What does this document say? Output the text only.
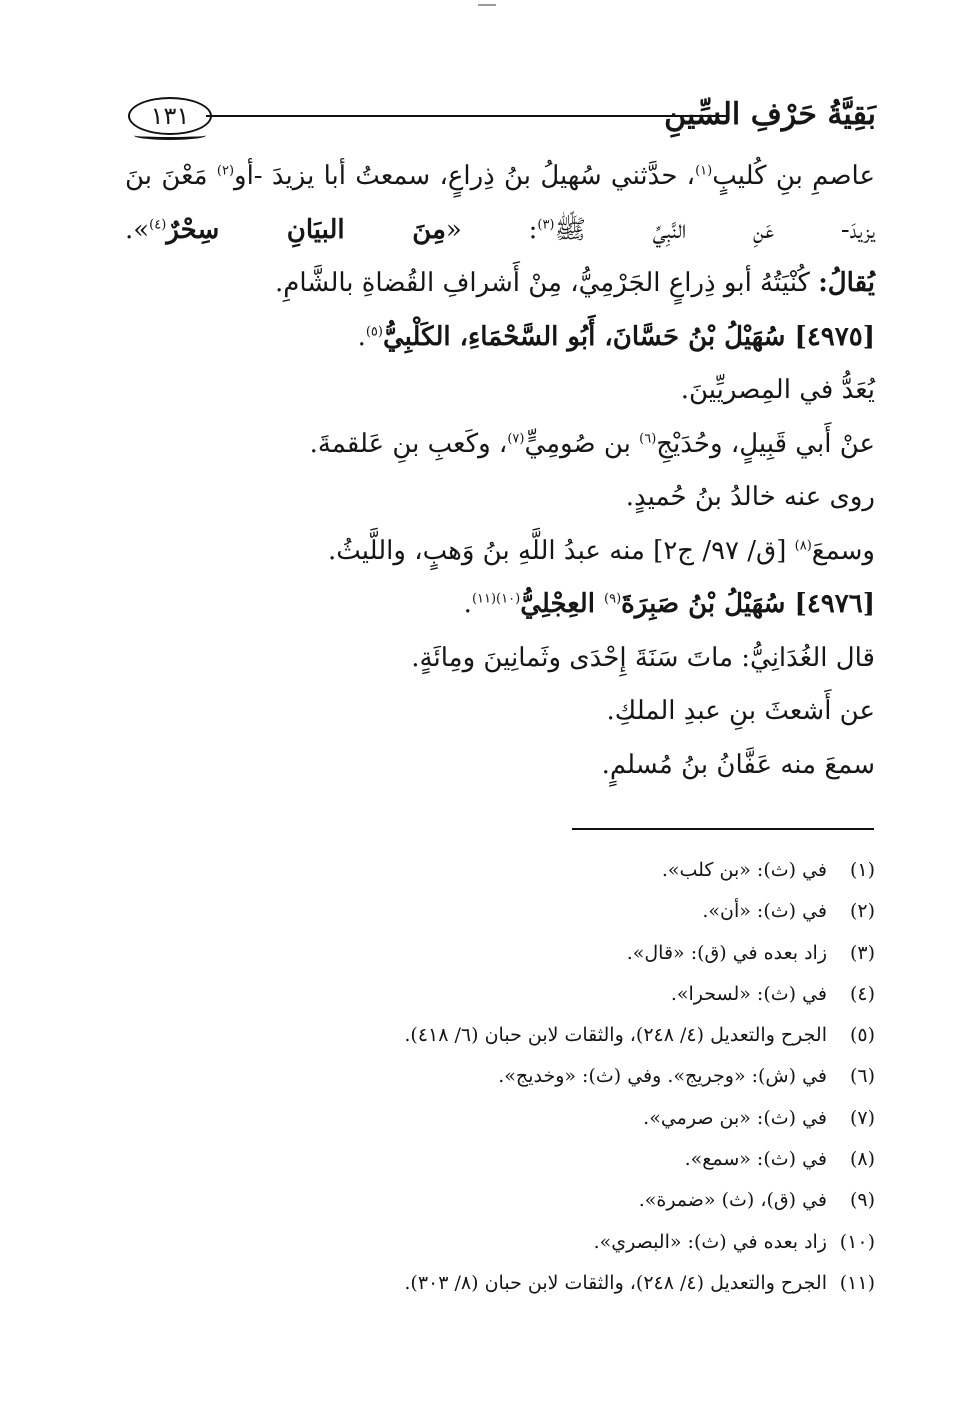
١٣١	بَقِيَّةُ حَرْفِ السِّينِ
عاصمِ بنِ كُليبٍ$^{(١)}$، حدَّثني سُهيلُ بنُ ذِراعٍ، سمعتُ أبا يزيدَ -أو$^{(٢)}$ مَعْنَ بنَ
يزيدَ- عَنِ النَّبِيِّ ﷺ$^{(٣)}$: «مِنَ البيَانِ سِحْرٌ$^{(٤)}$».
يُقالُ: كُنْيَتُهُ أبو ذِراعٍ الجَرْمِيُّ، مِنْ أَشرافِ القُضاةِ بالشَّامِ.
[٤٩٧٥] سُهَيْلُ بْنُ حَسَّانَ، أَبُو السَّحْمَاءِ، الكَلْبِيُّ$^{(٥)}$.
يُعَدُّ في المِصريِّينَ.
عنْ أَبي قَبِيلٍ، وحُدَيْجِ$^{(٦)}$ بن صُومِيٍّ$^{(٧)}$، وكَعبِ بنِ عَلقمةَ.
روى عنه خالدُ بنُ حُميدٍ.
وسمعَ$^{(٨)}$ [ق/ ٩٧/ ج٢] منه عبدُ اللَّهِ بنُ وَهبٍ، واللَّيثُ.
[٤٩٧٦] سُهَيْلُ بْنُ صَبِرَةَ$^{(٩)}$ العِجْلِيُّ$^{(١٠)(١١)}$.
قال الغُدَانِيُّ: ماتَ سَنَةَ إِحْدَى وثَمانِينَ ومِائَةٍ.
عن أَشعثَ بنِ عبدِ الملكِ.
سمعَ منه عَفَّانُ بنُ مُسلمٍ.
(١)في (ث): «بن كلب».
(٢)في (ث): «أن».
(٣)زاد بعده في (ق): «قال».
(٤)في (ث): «لسحرا».
(٥)الجرح والتعديل (٤/ ٢٤٨)، والثقات لابن حبان (٦/ ٤١٨).
(٦)في (ش): «وجريج». وفي (ث): «وخديج».
(٧)في (ث): «بن صرمي».
(٨)في (ث): «سمع».
(٩)في (ق)، (ث) «ضمرة».
(١٠)زاد بعده في (ث): «البصري».
(١١)الجرح والتعديل (٤/ ٢٤٨)، والثقات لابن حبان (٨/ ٣٠٣).
